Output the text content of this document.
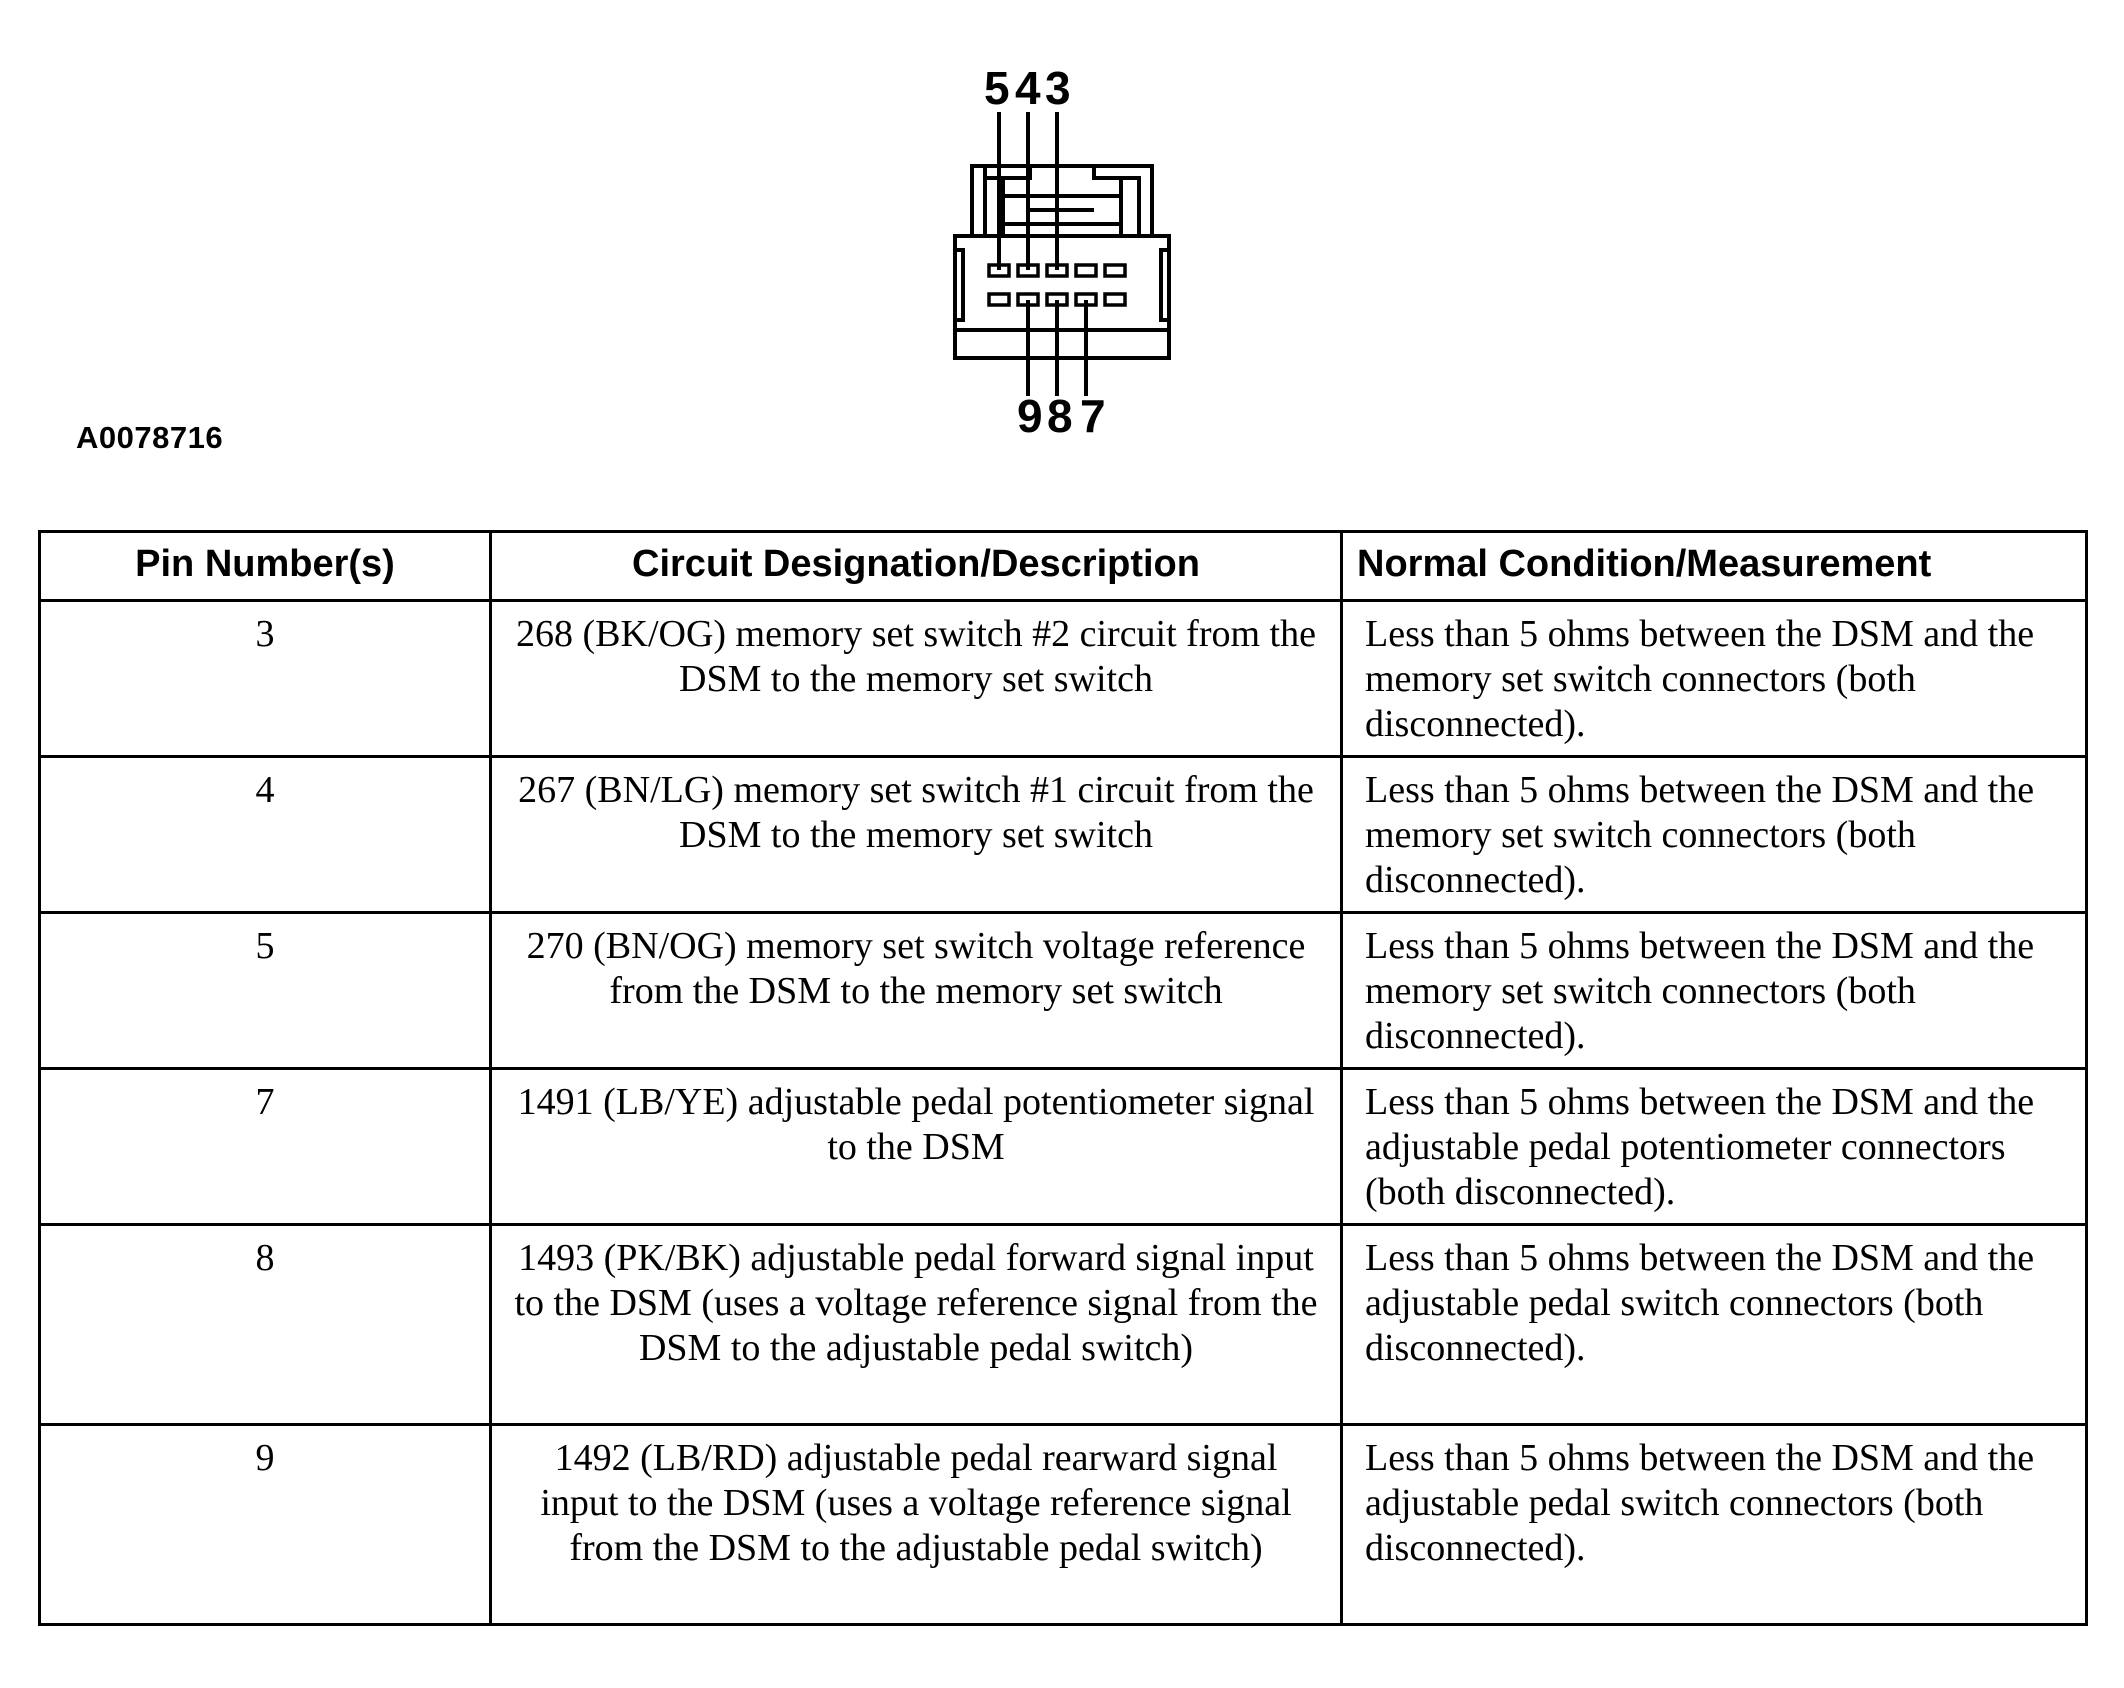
5 4 3
9 8 7
A0078716
Pin Number(s)	Circuit Designation/Description	Normal Condition/Measurement
3	268 (BK/OG) memory set switch #2 circuit from the DSM to the memory set switch	Less than 5 ohms between the DSM and the memory set switch connectors (both disconnected).
4	267 (BN/LG) memory set switch #1 circuit from the DSM to the memory set switch	Less than 5 ohms between the DSM and the memory set switch connectors (both disconnected).
5	270 (BN/OG) memory set switch voltage reference from the DSM to the memory set switch	Less than 5 ohms between the DSM and the memory set switch connectors (both disconnected).
7	1491 (LB/YE) adjustable pedal potentiometer signal to the DSM	Less than 5 ohms between the DSM and the adjustable pedal potentiometer connectors (both disconnected).
8	1493 (PK/BK) adjustable pedal forward signal input to the DSM (uses a voltage reference signal from the DSM to the adjustable pedal switch)	Less than 5 ohms between the DSM and the adjustable pedal switch connectors (both disconnected).
9	1492 (LB/RD) adjustable pedal rearward signal input to the DSM (uses a voltage reference signal from the DSM to the adjustable pedal switch)	Less than 5 ohms between the DSM and the adjustable pedal switch connectors (both disconnected).
